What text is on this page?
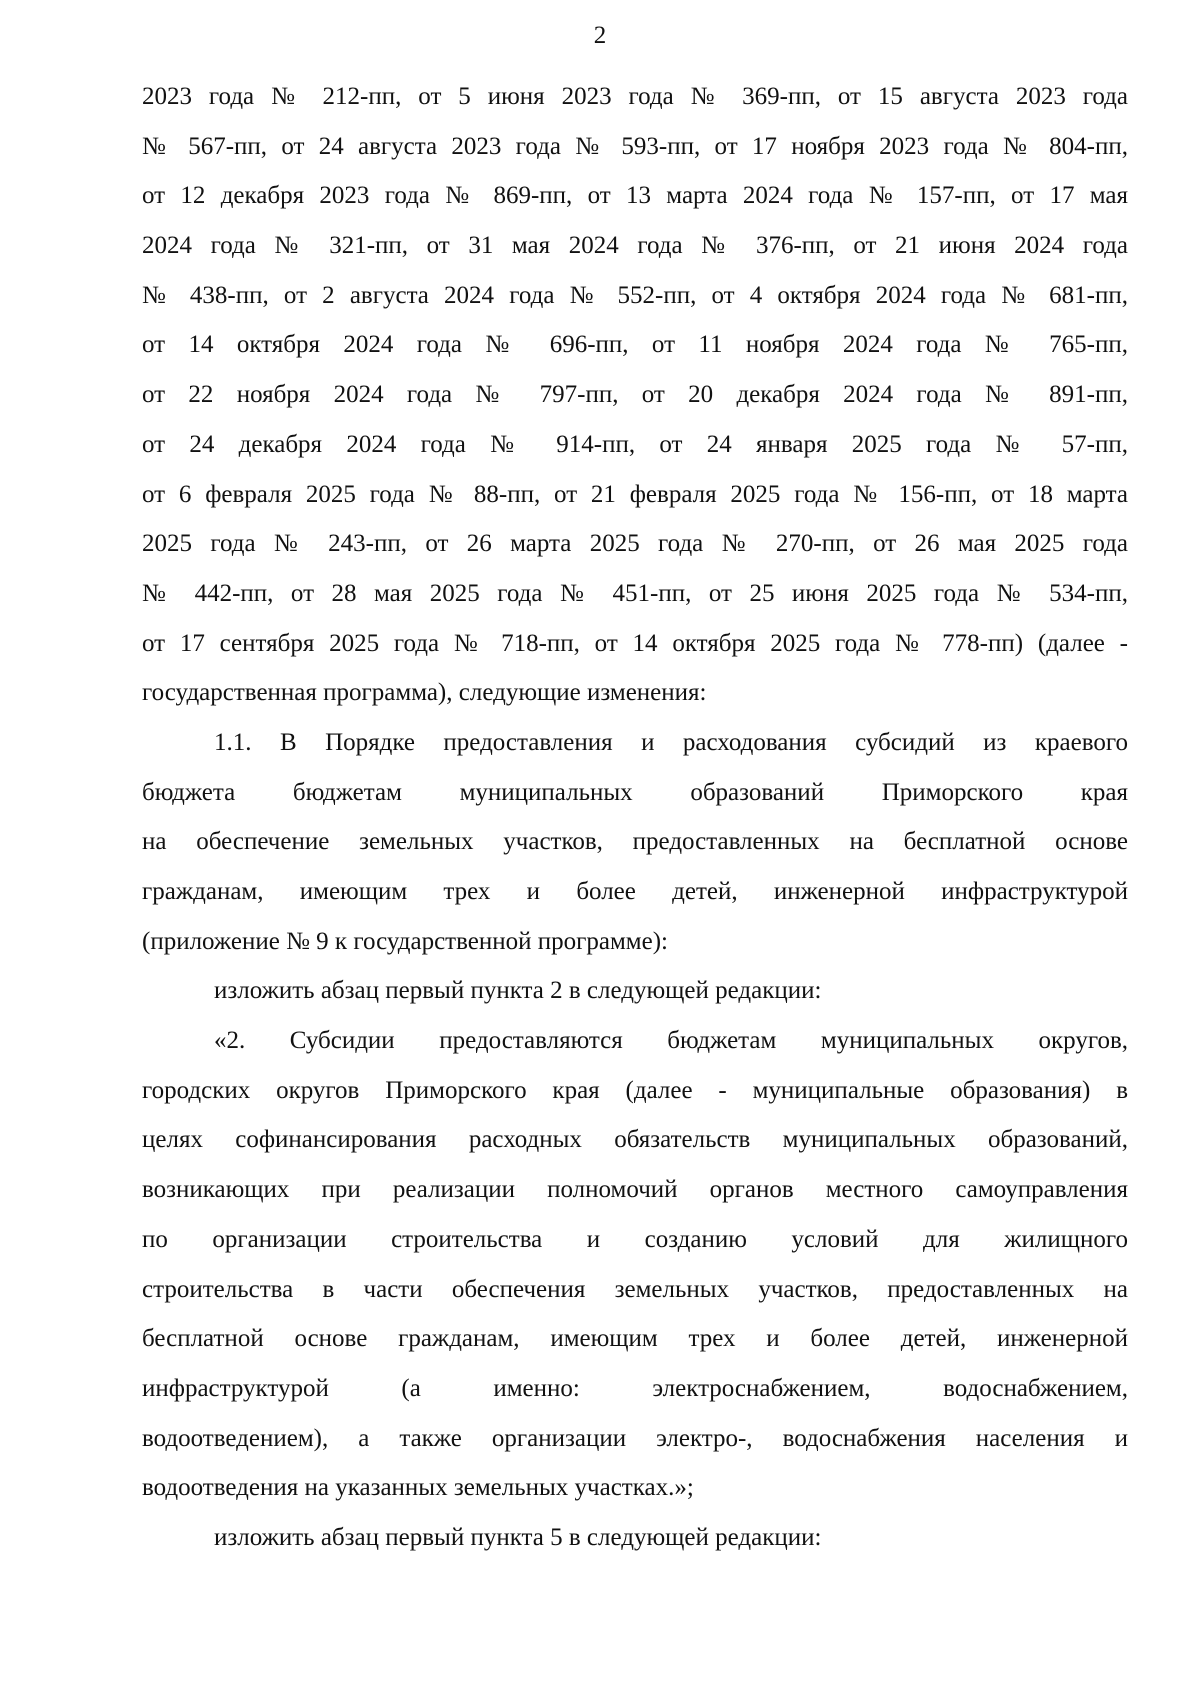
2
2023 года № 212-пп, от 5 июня 2023 года № 369-пп, от 15 августа 2023 года
№ 567-пп, от 24 августа 2023 года № 593-пп, от 17 ноября 2023 года № 804-пп,
от 12 декабря 2023 года № 869-пп, от 13 марта 2024 года № 157-пп, от 17 мая
2024 года № 321-пп, от 31 мая 2024 года № 376-пп, от 21 июня 2024 года
№ 438-пп, от 2 августа 2024 года № 552-пп, от 4 октября 2024 года № 681-пп,
от 14 октября 2024 года № 696-пп, от 11 ноября 2024 года № 765-пп,
от 22 ноября 2024 года № 797-пп, от 20 декабря 2024 года № 891-пп,
от 24 декабря 2024 года № 914-пп, от 24 января 2025 года № 57-пп,
от 6 февраля 2025 года № 88-пп, от 21 февраля 2025 года № 156-пп, от 18 марта
2025 года № 243-пп, от 26 марта 2025 года № 270-пп, от 26 мая 2025 года
№ 442-пп, от 28 мая 2025 года № 451-пп, от 25 июня 2025 года № 534-пп,
от 17 сентября 2025 года № 718-пп, от 14 октября 2025 года № 778-пп) (далее -
государственная программа), следующие изменения:
1.1. В Порядке предоставления и расходования субсидий из краевого
бюджета бюджетам муниципальных образований Приморского края
на обеспечение земельных участков, предоставленных на бесплатной основе
гражданам, имеющим трех и более детей, инженерной инфраструктурой
(приложение № 9 к государственной программе):
изложить абзац первый пункта 2 в следующей редакции:
«2. Субсидии предоставляются бюджетам муниципальных округов,
городских округов Приморского края (далее - муниципальные образования) в
целях софинансирования расходных обязательств муниципальных образований,
возникающих при реализации полномочий органов местного самоуправления
по организации строительства и созданию условий для жилищного
строительства в части обеспечения земельных участков, предоставленных на
бесплатной основе гражданам, имеющим трех и более детей, инженерной
инфраструктурой (а именно: электроснабжением, водоснабжением,
водоотведением), а также организации электро-, водоснабжения населения и
водоотведения на указанных земельных участках.»;
изложить абзац первый пункта 5 в следующей редакции:
